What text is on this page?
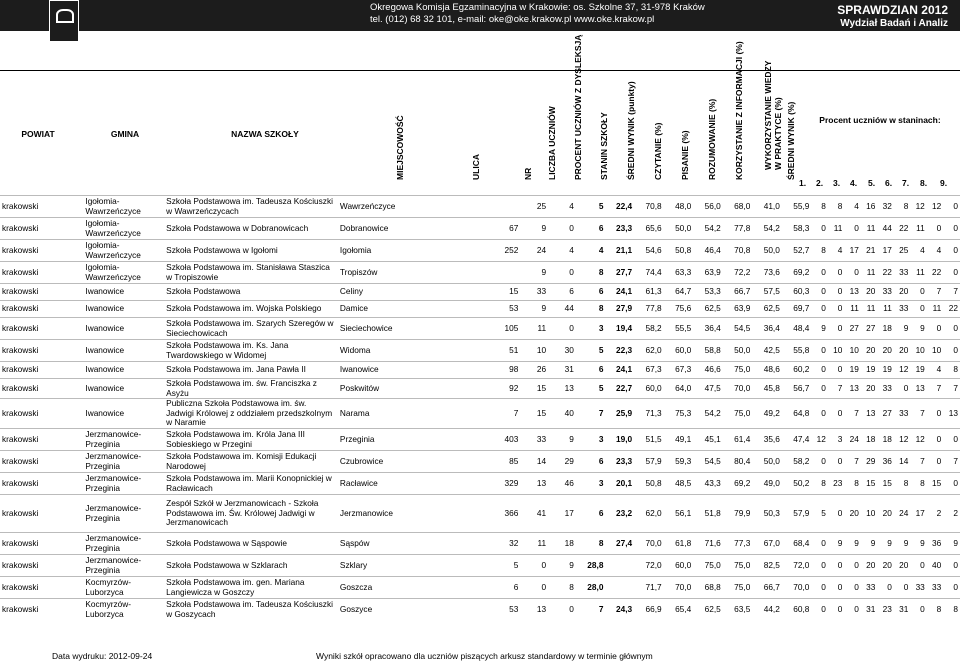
Okregowa Komisja Egzaminacyjna w Krakowie: os. Szkolne 37, 31-978 Kraków
tel. (012) 68 32 101, e-mail: oke@oke.krakow.pl www.oke.krakow.pl
SPRAWDZIAN 2012
Wydział Badań i Analiz
POWIAT	GMINA	NAZWA SZKOŁY	MIEJSCOWOŚĆ	ULICA	NR LICZBA UCZNIÓW PROCENT UCZNIÓW Z DYSLEKSJĄ STANIN SZKOŁY ŚREDNI WYNIK (punkty) CZYTANIE (%) PISANIE (%) ROZUMOWANIE (%) KORZYSTANIE Z INFORMACJI (%) WYKORZYSTANIE WIEDZY W PRAKTYCE (%) ŚREDNI WYNIK (%)	Procent uczniów w staninach:
1. 2. 3. 4. 5. 6. 7. 8. 9.
krakowski	Igołomia-Wawrzeńczyce	Szkoła Podstawowa im. Tadeusza Kościuszki w Wawrzeńczycach	Wawrzeńczyce			25	4	5	22,4	70,8	48,0	56,0	68,0	41,0	55,9	8	8	4	16	32	8	12	12	0
krakowski	Igołomia-Wawrzeńczyce	Szkoła Podstawowa w Dobranowicach	Dobranowice		67	9	0	6	23,3	65,6	50,0	54,2	77,8	54,2	58,3	0	11	0	11	44	22	11	0	0
krakowski	Igołomia-Wawrzeńczyce	Szkoła Podstawowa w Igołomi	Igołomia		252	24	4	4	21,1	54,6	50,8	46,4	70,8	50,0	52,7	8	4	17	21	17	25	4	4	0
krakowski	Igołomia-Wawrzeńczyce	Szkoła Podstawowa im. Stanisława Staszica w Tropiszowie	Tropiszów			9	0	8	27,7	74,4	63,3	63,9	72,2	73,6	69,2	0	0	0	11	22	33	11	22	0
krakowski	Iwanowice	Szkoła Podstawowa	Celiny		15	33	6	6	24,1	61,3	64,7	53,3	66,7	57,5	60,3	0	0	13	20	33	20	0	7	7
krakowski	Iwanowice	Szkoła Podstawowa im. Wojska Polskiego	Damice		53	9	44	8	27,9	77,8	75,6	62,5	63,9	62,5	69,7	0	0	11	11	11	33	0	11	22
krakowski	Iwanowice	Szkoła Podstawowa im. Szarych Szeregów w Sieciechowicach	Sieciechowice		105	11	0	3	19,4	58,2	55,5	36,4	54,5	36,4	48,4	9	0	27	27	18	9	9	0	0
krakowski	Iwanowice	Szkoła Podstawowa im. Ks. Jana Twardowskiego w Widomej	Widoma		51	10	30	5	22,3	62,0	60,0	58,8	50,0	42,5	55,8	0	10	10	20	20	20	10	10	0
krakowski	Iwanowice	Szkoła Podstawowa im. Jana Pawła II	Iwanowice		98	26	31	6	24,1	67,3	67,3	46,6	75,0	48,6	60,2	0	0	19	19	19	12	19	4	8
krakowski	Iwanowice	Szkoła Podstawowa im. św. Franciszka z Asyżu	Poskwitów		92	15	13	5	22,7	60,0	64,0	47,5	70,0	45,8	56,7	0	7	13	20	33	0	13	7	7
krakowski	Iwanowice	Publiczna Szkoła Podstawowa im. św. Jadwigi Królowej z oddziałem przedszkolnym w Naramie	Narama		7	15	40	7	25,9	71,3	75,3	54,2	75,0	49,2	64,8	0	0	7	13	27	33	7	0	13
krakowski	Jerzmanowice-Przeginia	Szkoła Podstawowa im. Króla Jana III Sobieskiego w Przegini	Przeginia		403	33	9	3	19,0	51,5	49,1	45,1	61,4	35,6	47,4	12	3	24	18	18	12	12	0	0
krakowski	Jerzmanowice-Przeginia	Szkoła Podstawowa im. Komisji Edukacji Narodowej	Czubrowice		85	14	29	6	23,3	57,9	59,3	54,5	80,4	50,0	58,2	0	0	7	29	36	14	7	0	7
krakowski	Jerzmanowice-Przeginia	Szkoła Podstawowa im. Marii Konopnickiej w Racławicach	Racławice		329	13	46	3	20,1	50,8	48,5	43,3	69,2	49,0	50,2	8	23	8	15	15	8	8	15	0
krakowski	Jerzmanowice-Przeginia	Zespół Szkół w Jerzmanowicach - Szkoła Podstawowa im. Św. Królowej Jadwigi w Jerzmanowicach	Jerzmanowice		366	41	17	6	23,2	62,0	56,1	51,8	79,9	50,3	57,9	5	0	20	10	20	24	17	2	2
krakowski	Jerzmanowice-Przeginia	Szkoła Podstawowa w Sąspowie	Sąspów		32	11	18	8	27,4	70,0	61,8	71,6	77,3	67,0	68,4	0	9	9	9	9	9	9	36	9
krakowski	Jerzmanowice-Przeginia	Szkoła Podstawowa w Szklarach	Szklary		5	0	9	28,8		72,0	60,0	75,0	75,0	82,5	72,0	0	0	0	20	20	20	0	40	0
krakowski	Kocmyrzów-Luborzyca	Szkoła Podstawowa im. gen. Mariana Langiewicza w Goszczy	Goszcza		6	0	8	28,0		71,7	70,0	68,8	75,0	66,7	70,0	0	0	0	33	0	0	33	33	0
krakowski	Kocmyrzów-Luborzyca	Szkoła Podstawowa im. Tadeusza Kościuszki w Goszycach	Goszyce		53	13	0	7	24,3	66,9	65,4	62,5	63,5	44,2	60,8	0	0	0	31	23	31	0	8	8
Data wydruku: 2012-09-24	Wyniki szkół opracowano dla uczniów piszących arkusz standardowy w terminie głównym
